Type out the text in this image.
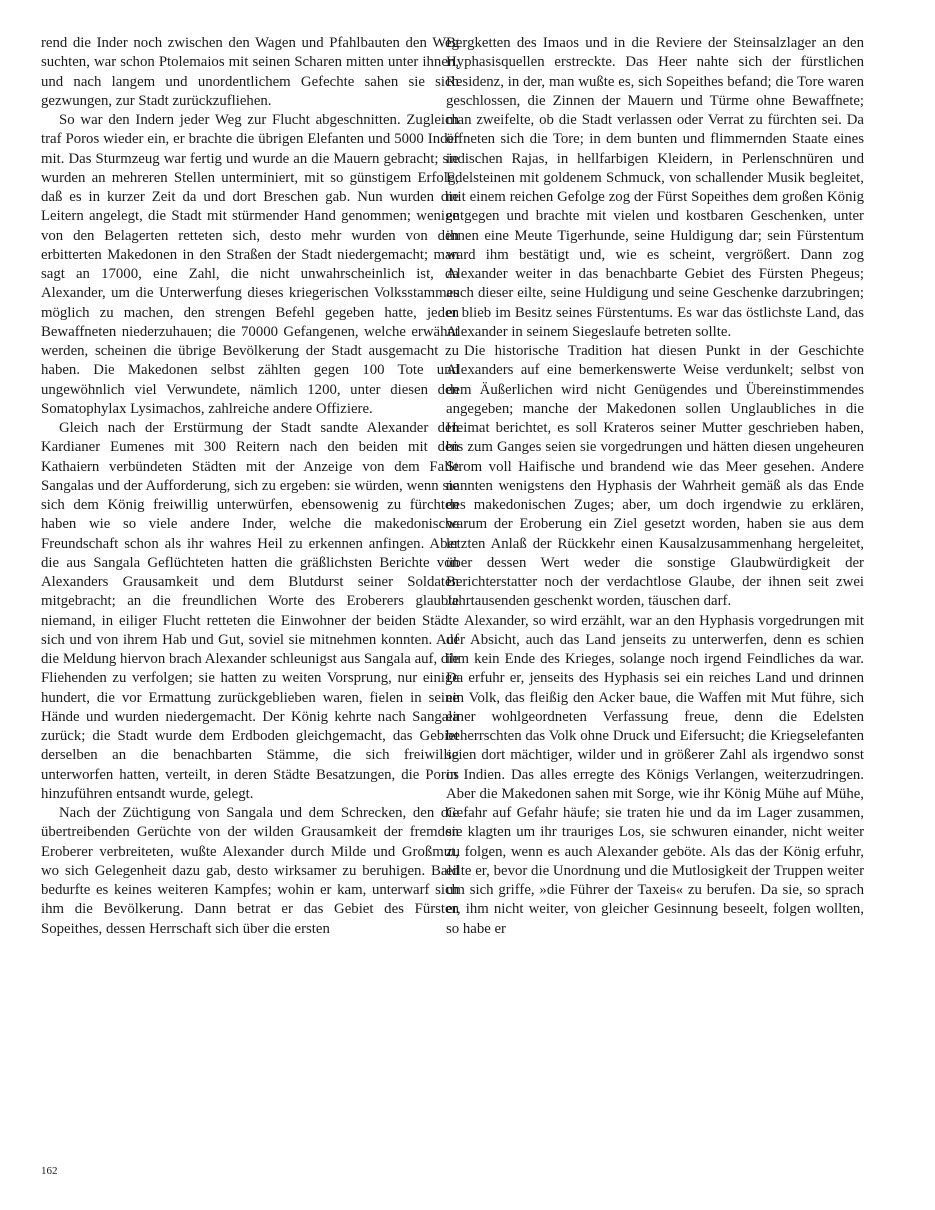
rend die Inder noch zwischen den Wagen und Pfahlbauten den Weg suchten, war schon Ptolemaios mit seinen Scharen mitten unter ihnen, und nach langem und unordentlichem Gefechte sahen sie sich gezwungen, zur Stadt zurückzufliehen.

So war den Indern jeder Weg zur Flucht abgeschnitten. Zugleich traf Poros wieder ein, er brachte die übrigen Elefanten und 5000 Inder mit. Das Sturmzeug war fertig und wurde an die Mauern gebracht; sie wurden an mehreren Stellen unterminiert, mit so günstigem Erfolg, daß es in kurzer Zeit da und dort Breschen gab. Nun wurden die Leitern angelegt, die Stadt mit stürmender Hand genommen; wenige von den Belagerten retteten sich, desto mehr wurden von den erbitterten Makedonen in den Straßen der Stadt niedergemacht; man sagt an 17000, eine Zahl, die nicht unwahrscheinlich ist, da Alexander, um die Unterwerfung dieses kriegerischen Volksstammes möglich zu machen, den strengen Befehl gegeben hatte, jeden Bewaffneten niederzuhauen; die 70000 Gefangenen, welche erwähnt werden, scheinen die übrige Bevölkerung der Stadt ausgemacht zu haben. Die Makedonen selbst zählten gegen 100 Tote und ungewöhnlich viel Verwundete, nämlich 1200, unter diesen den Somatophylax Lysimachos, zahlreiche andere Offiziere.

Gleich nach der Erstürmung der Stadt sandte Alexander den Kardianer Eumenes mit 300 Reitern nach den beiden mit den Kathaiern verbündeten Städten mit der Anzeige von dem Falle Sangalas und der Aufforderung, sich zu ergeben: sie würden, wenn sie sich dem König freiwillig unterwürfen, ebensowenig zu fürchten haben wie so viele andere Inder, welche die makedonische Freundschaft schon als ihr wahres Heil zu erkennen anfingen. Aber die aus Sangala Geflüchteten hatten die gräßlichsten Berichte von Alexanders Grausamkeit und dem Blutdurst seiner Soldaten mitgebracht; an die freundlichen Worte des Eroberers glaubte niemand, in eiliger Flucht retteten die Einwohner der beiden Städte sich und von ihrem Hab und Gut, soviel sie mitnehmen konnten. Auf die Meldung hiervon brach Alexander schleunigst aus Sangala auf, die Fliehenden zu verfolgen; sie hatten zu weiten Vorsprung, nur einige hundert, die vor Ermattung zurückgeblieben waren, fielen in seine Hände und wurden niedergemacht. Der König kehrte nach Sangala zurück; die Stadt wurde dem Erdboden gleichgemacht, das Gebiet derselben an die benachbarten Stämme, die sich freiwillig unterworfen hatten, verteilt, in deren Städte Besatzungen, die Poros hinzuführen entsandt wurde, gelegt.

Nach der Züchtigung von Sangala und dem Schrecken, den die übertreibenden Gerüchte von der wilden Grausamkeit der fremden Eroberer verbreiteten, wußte Alexander durch Milde und Großmut, wo sich Gelegenheit dazu gab, desto wirksamer zu beruhigen. Bald bedurfte es keines weiteren Kampfes; wohin er kam, unterwarf sich ihm die Bevölkerung. Dann betrat er das Gebiet des Fürsten Sopeithes, dessen Herrschaft sich über die ersten

Bergketten des Imaos und in die Reviere der Steinsalzlager an den Hyphasisquellen erstreckte. Das Heer nahte sich der fürstlichen Residenz, in der, man wußte es, sich Sopeithes befand; die Tore waren geschlossen, die Zinnen der Mauern und Türme ohne Bewaffnete; man zweifelte, ob die Stadt verlassen oder Verrat zu fürchten sei. Da öffneten sich die Tore; in dem bunten und flimmernden Staate eines indischen Rajas, in hellfarbigen Kleidern, in Perlenschnüren und Edelsteinen mit goldenem Schmuck, von schallender Musik begleitet, mit einem reichen Gefolge zog der Fürst Sopeithes dem großen König entgegen und brachte mit vielen und kostbaren Geschenken, unter ihnen eine Meute Tigerhunde, seine Huldigung dar; sein Fürstentum ward ihm bestätigt und, wie es scheint, vergrößert. Dann zog Alexander weiter in das benachbarte Gebiet des Fürsten Phegeus; auch dieser eilte, seine Huldigung und seine Geschenke darzubringen; er blieb im Besitz seines Fürstentums. Es war das östlichste Land, das Alexander in seinem Siegeslaufe betreten sollte.

Die historische Tradition hat diesen Punkt in der Geschichte Alexanders auf eine bemerkenswerte Weise verdunkelt; selbst von dem Äußerlichen wird nicht Genügendes und Übereinstimmendes angegeben; manche der Makedonen sollen Unglaubliches in die Heimat berichtet, es soll Krateros seiner Mutter geschrieben haben, bis zum Ganges seien sie vorgedrungen und hätten diesen ungeheuren Strom voll Haifische und brandend wie das Meer gesehen. Andere nannten wenigstens den Hyphasis der Wahrheit gemäß als das Ende des makedonischen Zuges; aber, um doch irgendwie zu erklären, warum der Eroberung ein Ziel gesetzt worden, haben sie aus dem letzten Anlaß der Rückkehr einen Kausalzusammenhang hergeleitet, über dessen Wert weder die sonstige Glaubwürdigkeit der Berichterstatter noch der verdachtlose Glaube, der ihnen seit zwei Jahrtausenden geschenkt worden, täuschen darf.

Alexander, so wird erzählt, war an den Hyphasis vorgedrungen mit der Absicht, auch das Land jenseits zu unterwerfen, denn es schien ihm kein Ende des Krieges, solange noch irgend Feindliches da war. Da erfuhr er, jenseits des Hyphasis sei ein reiches Land und drinnen ein Volk, das fleißig den Acker baue, die Waffen mit Mut führe, sich einer wohlgeordneten Verfassung freue, denn die Edelsten beherrschten das Volk ohne Druck und Eifersucht; die Kriegselefanten seien dort mächtiger, wilder und in größerer Zahl als irgendwo sonst in Indien. Das alles erregte des Königs Verlangen, weiterzudringen. Aber die Makedonen sahen mit Sorge, wie ihr König Mühe auf Mühe, Gefahr auf Gefahr häufe; sie traten hie und da im Lager zusammen, sie klagten um ihr trauriges Los, sie schwuren einander, nicht weiter zu folgen, wenn es auch Alexander geböte. Als das der König erfuhr, eilte er, bevor die Unordnung und die Mutlosigkeit der Truppen weiter um sich griffe, »die Führer der Taxeis« zu berufen. Da sie, so sprach er, ihm nicht weiter, von gleicher Gesinnung beseelt, folgen wollten, so habe er

162
